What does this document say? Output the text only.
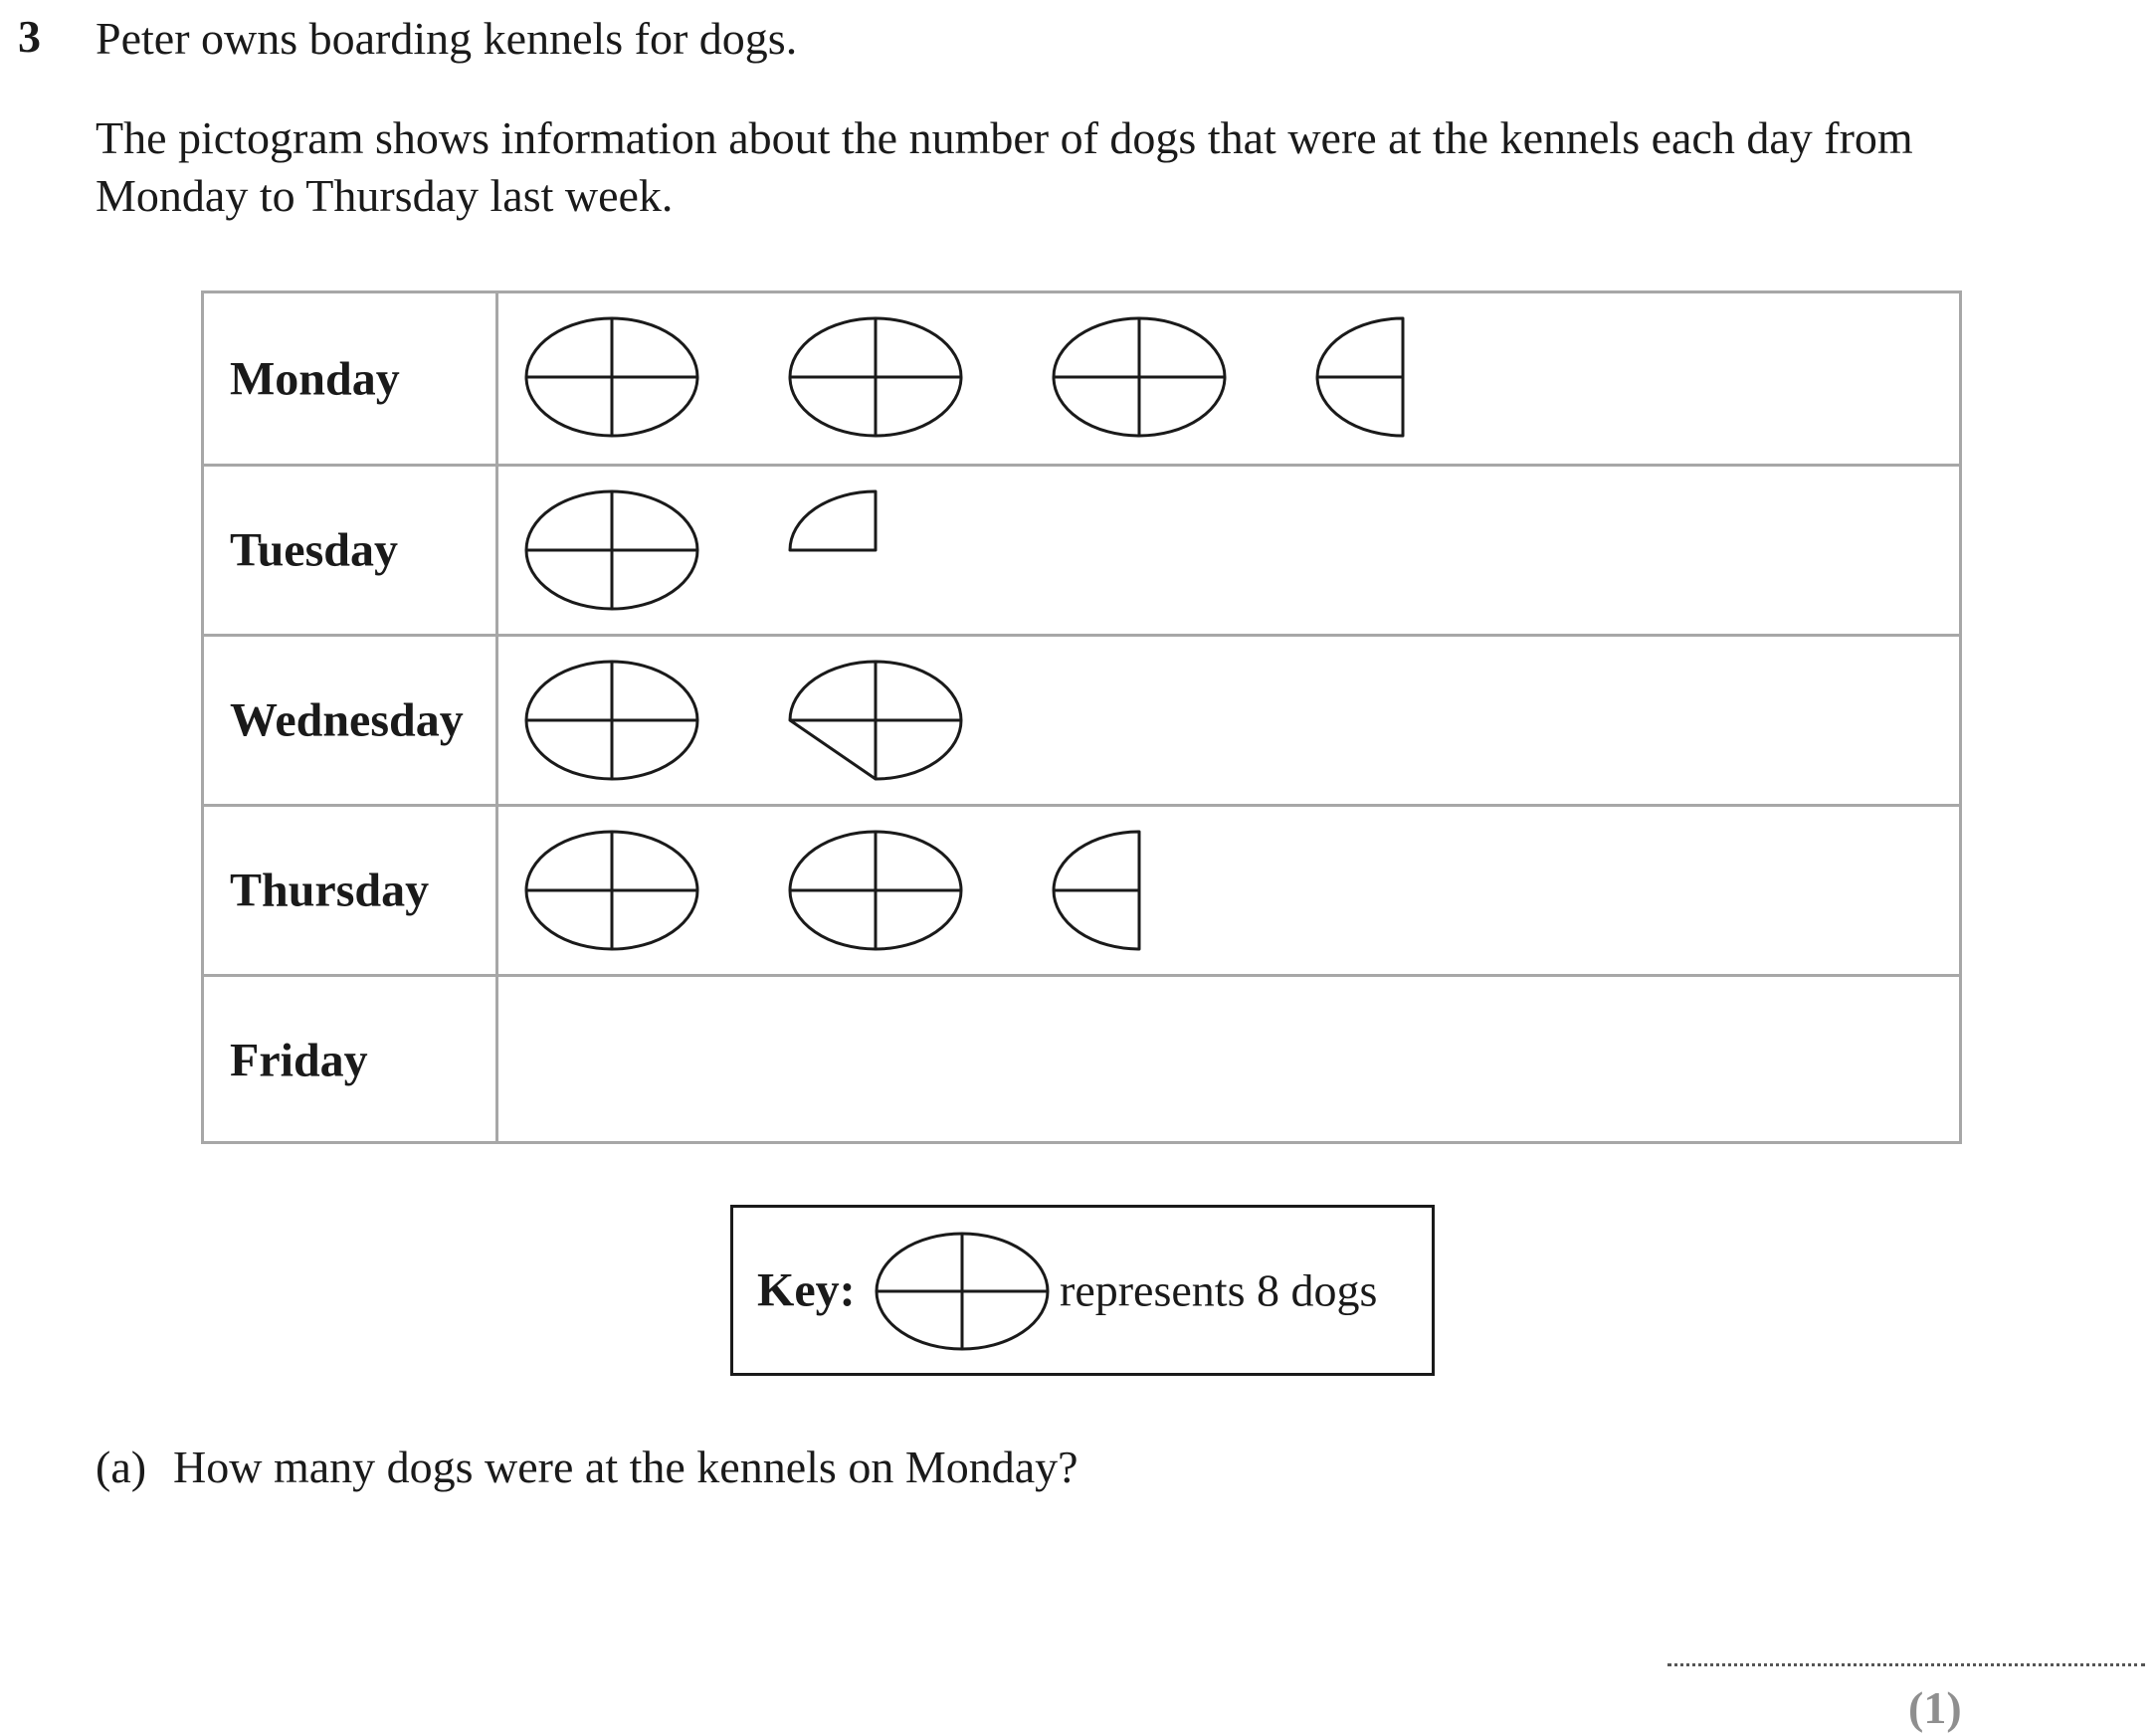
3 Peter owns boarding kennels for dogs.
The pictogram shows information about the number of dogs that were at the kennels each day from Monday to Thursday last week.
Monday
Tuesday
Wednesday
Thursday
Friday
Key:	represents 8 dogs
(a) How many dogs were at the kennels on Monday?
(1)
